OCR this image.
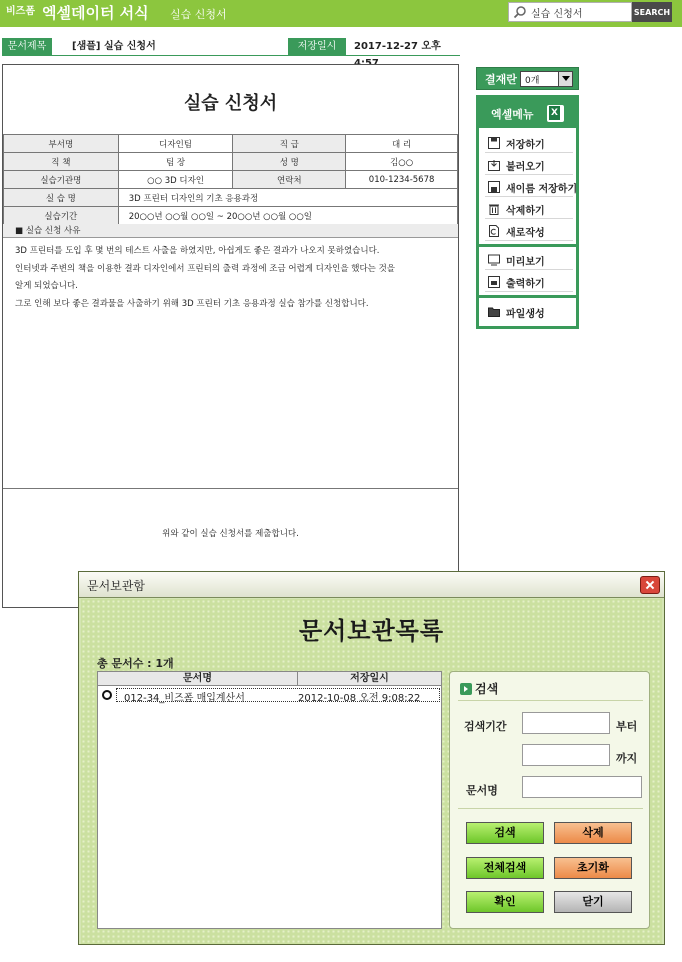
비즈폼 엑셀데이터 서식 실습 신청서
실습 신청서	SEARCH
문서제목	[샘플] 실습 신청서	저장일시	2017-12-27 오후
실습 신청서
부서명	디자인팀	직 급	대 리
직 책	팀 장	성 명	김○○
실습기관명	○○ 3D 디자인	연락처	010-1234-5678
실 습 명	3D 프린터 디자인의 기초 응용과정		
실습기간	20○○년 ○○월 ○○일 ~ 20○○년 ○○월 ○○일		
■ 실습 신청 사유
3D 프린터를 도입 후 몇 번의 테스트 사출을 하였지만, 아쉽게도 좋은 결과가 나오지 못하였습니다.
인터넷과 주변의 책을 이용한 결과 디자인에서 프린터의 출력 과정에 조금 어렵게 디자인을 했다는 것을
알게 되었습니다.
그로 인해 보다 좋은 결과물을 사출하기 위해 3D 프린터 기초 응용과정 실습 참가를 신청합니다.
위와 같이 실습 신청서를 제출합니다.
결재란 0개
엑셀메뉴
X
저장하기
불러오기
새이름 저장하기
삭제하기
새로작성
미리보기
출력하기
파일생성
문서보관함
문서보관목록
총 문서수 : 1개
문서명	저장일시
012-34_비즈폼 매입계산서	2012-10-08 오전 9:08:22
검색
검색기간	부터
까지
문서명
검색	삭제
전체검색	초기화
확인	닫기
